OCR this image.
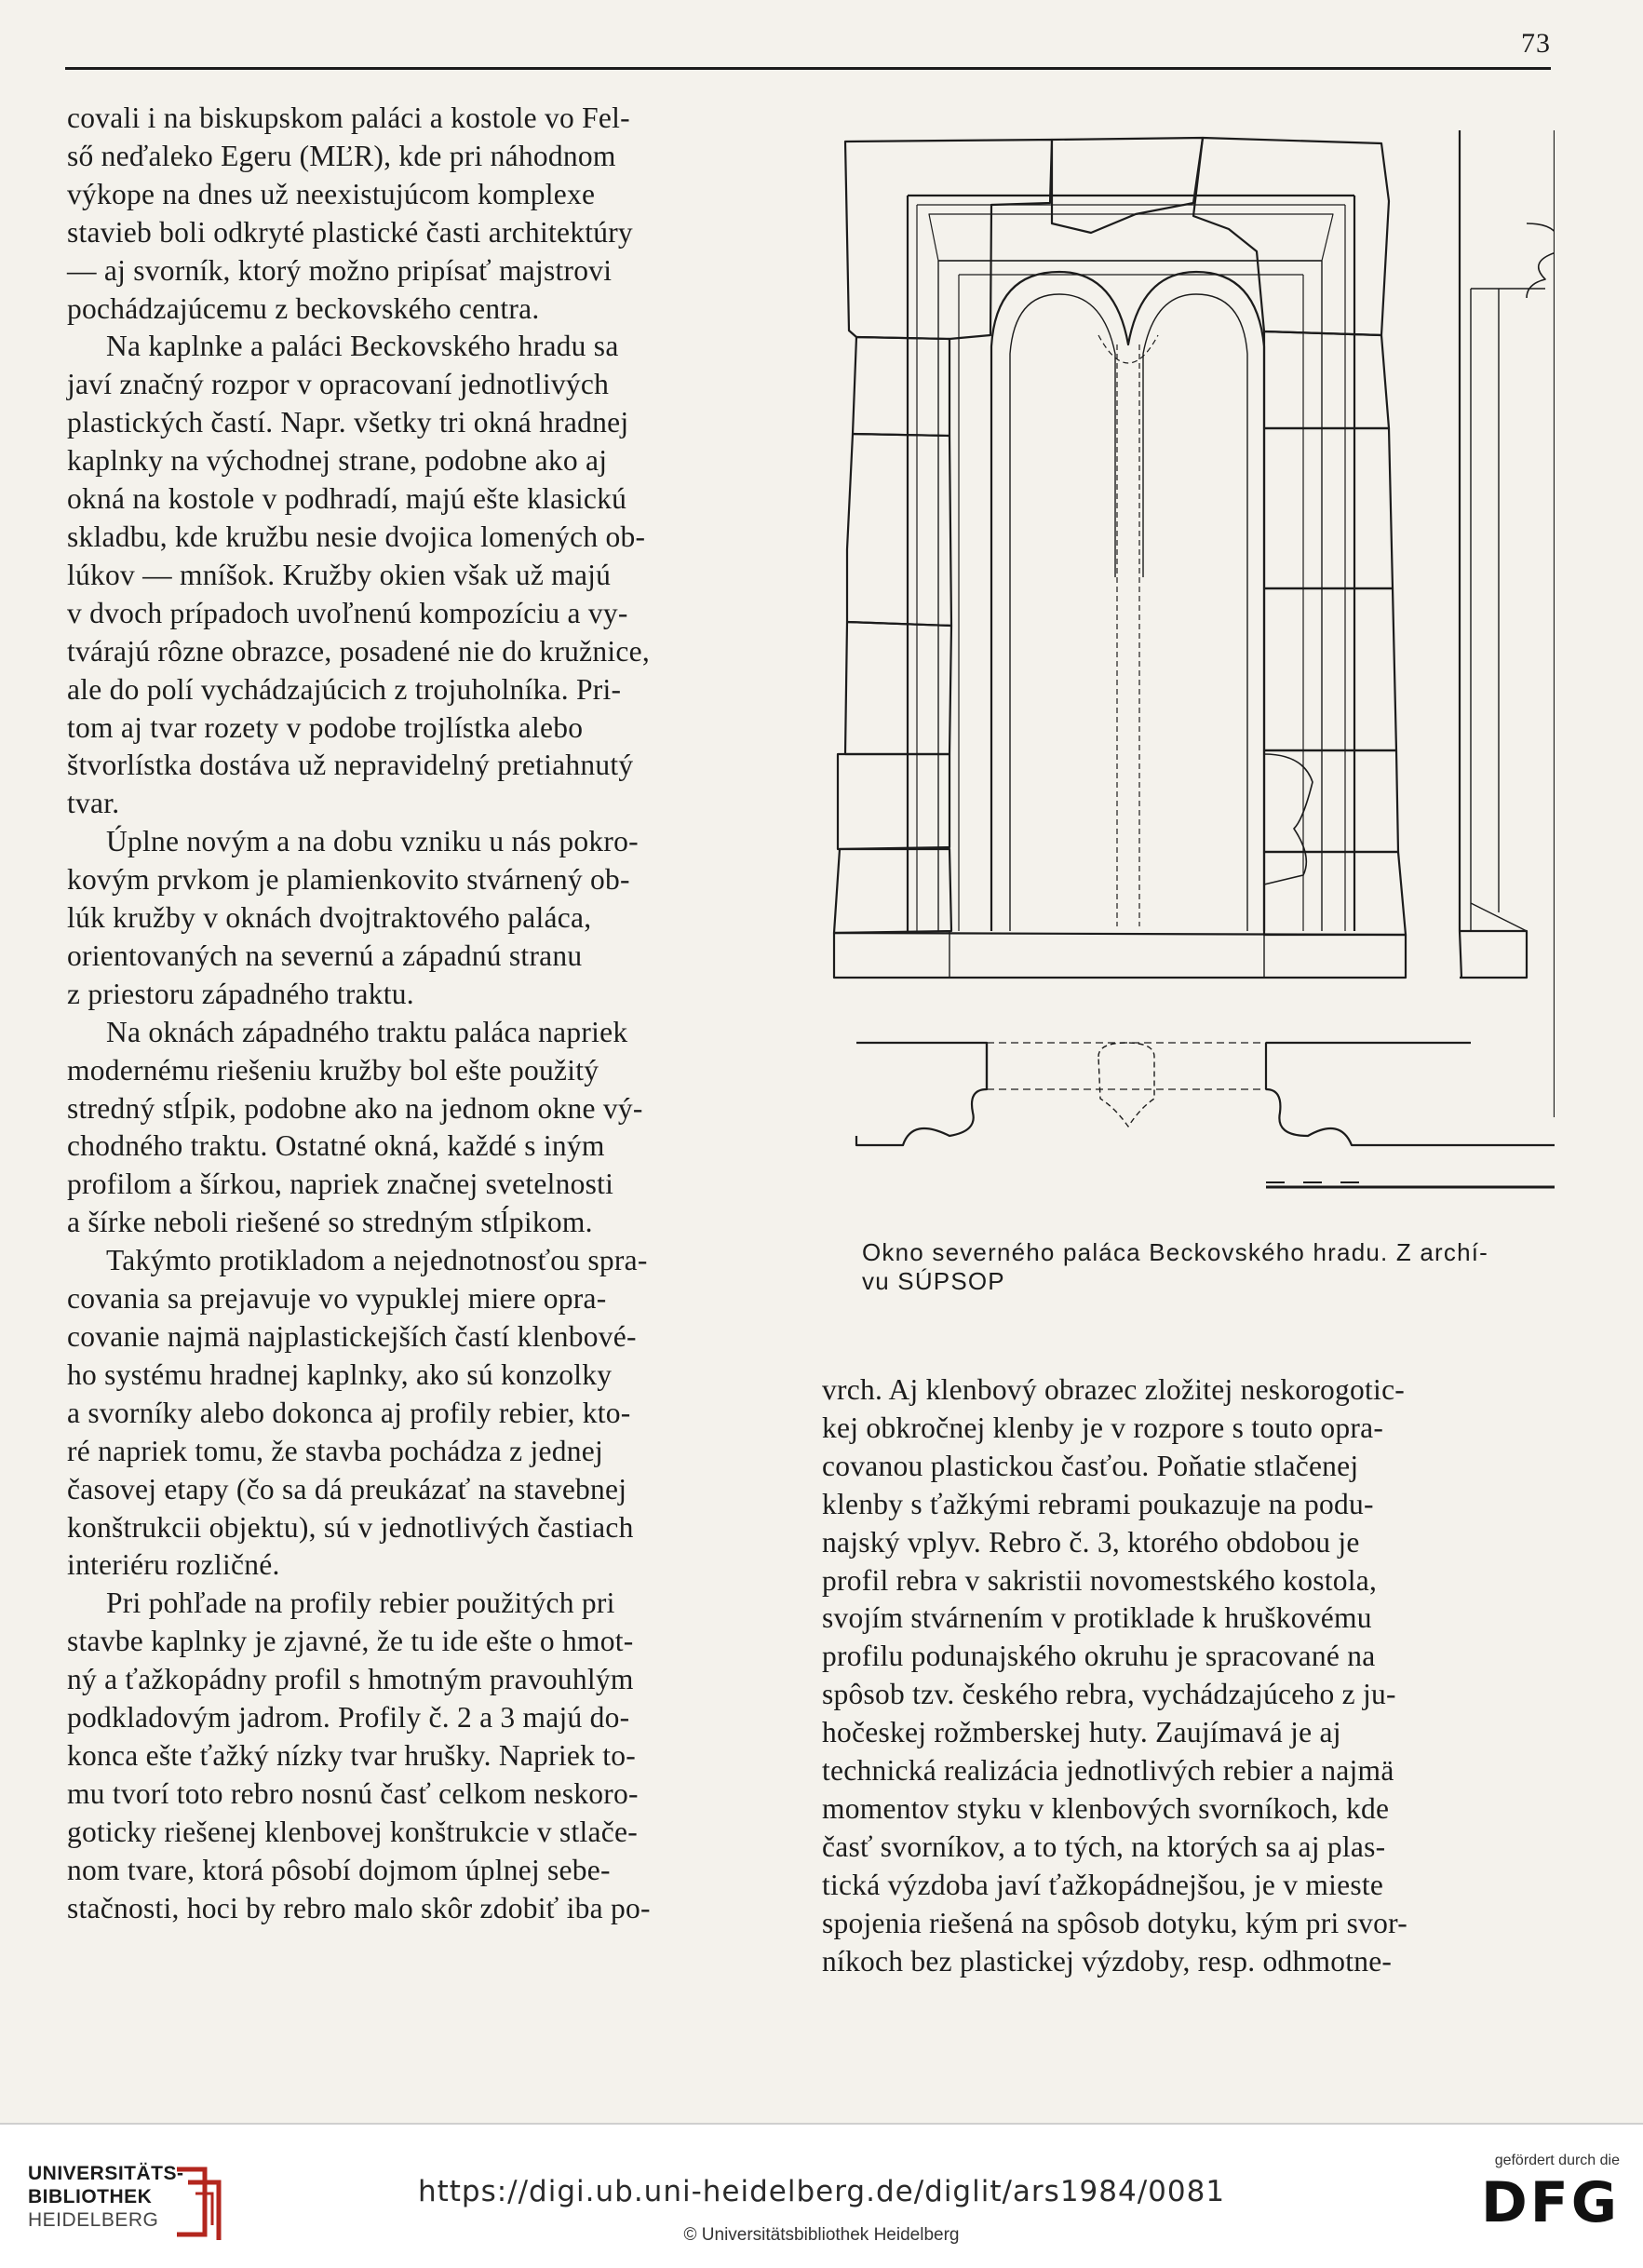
73

covali i na biskupskom paláci a kostole vo Fel-
ső neďaleko Egeru (MĽR), kde pri náhodnom
výkope na dnes už neexistujúcom komplexe
stavieb boli odkryté plastické časti architektúry
— aj svorník, ktorý možno pripísať majstrovi
pochádzajúcemu z beckovského centra.

Na kaplnke a paláci Beckovského hradu sa
javí značný rozpor v opracovaní jednotlivých
plastických častí. Napr. všetky tri okná hradnej
kaplnky na východnej strane, podobne ako aj
okná na kostole v podhradí, majú ešte klasickú
skladbu, kde kružbu nesie dvojica lomených ob-
lúkov — mníšok. Kružby okien však už majú
v dvoch prípadoch uvoľnenú kompozíciu a vy-
tvárajú rôzne obrazce, posadené nie do kružnice,
ale do polí vychádzajúcich z trojuholníka. Pri-
tom aj tvar rozety v podobe trojlístka alebo
štvorlístka dostáva už nepravidelný pretiahnutý
tvar.

Úplne novým a na dobu vzniku u nás pokro-
kovým prvkom je plamienkovito stvárnený ob-
lúk kružby v oknách dvojtraktového paláca,
orientovaných na severnú a západnú stranu
z priestoru západného traktu.

Na oknách západného traktu paláca napriek
modernému riešeniu kružby bol ešte použitý
stredný stĺpik, podobne ako na jednom okne vý-
chodného traktu. Ostatné okná, každé s iným
profilom a šírkou, napriek značnej svetelnosti
a šírke neboli riešené so stredným stĺpikom.

Takýmto protikladom a nejednotnosťou spra-
covania sa prejavuje vo vypuklej miere opra-
covanie najmä najplastickejších častí klenbové-
ho systému hradnej kaplnky, ako sú konzolky
a svorníky alebo dokonca aj profily rebier, kto-
ré napriek tomu, že stavba pochádza z jednej
časovej etapy (čo sa dá preukázať na stavebnej
konštrukcii objektu), sú v jednotlivých častiach
interiéru rozličné.

Pri pohľade na profily rebier použitých pri
stavbe kaplnky je zjavné, že tu ide ešte o hmot-
ný a ťažkopádny profil s hmotným pravouhlým
podkladovým jadrom. Profily č. 2 a 3 majú do-
konca ešte ťažký nízky tvar hrušky. Napriek to-
mu tvorí toto rebro nosnú časť celkom neskoro-
goticky riešenej klenbovej konštrukcie v stlače-
nom tvare, ktorá pôsobí dojmom úplnej sebe-
stačnosti, hoci by rebro malo skôr zdobiť iba po-

Okno severného paláca Beckovského hradu. Z archí-
vu SÚPSOP

vrch. Aj klenbový obrazec zložitej neskorogotic-
kej obkročnej klenby je v rozpore s touto opra-
covanou plastickou časťou. Poňatie stlačenej
klenby s ťažkými rebrami poukazuje na podu-
najský vplyv. Rebro č. 3, ktorého obdobou je
profil rebra v sakristii novomestského kostola,
svojím stvárnením v protiklade k hruškovému
profilu podunajského okruhu je spracované na
spôsob tzv. českého rebra, vychádzajúceho z ju-
hočeskej rožmberskej huty. Zaujímavá je aj
technická realizácia jednotlivých rebier a najmä
momentov styku v klenbových svorníkoch, kde
časť svorníkov, a to tých, na ktorých sa aj plas-
tická výzdoba javí ťažkopádnejšou, je v mieste
spojenia riešená na spôsob dotyku, kým pri svor-
níkoch bez plastickej výzdoby, resp. odhmotne-

UNIVERSITÄTS-
BIBLIOTHEK
HEIDELBERG
https://digi.ub.uni-heidelberg.de/diglit/ars1984/0081
© Universitätsbibliothek Heidelberg
gefördert durch die
DFG
